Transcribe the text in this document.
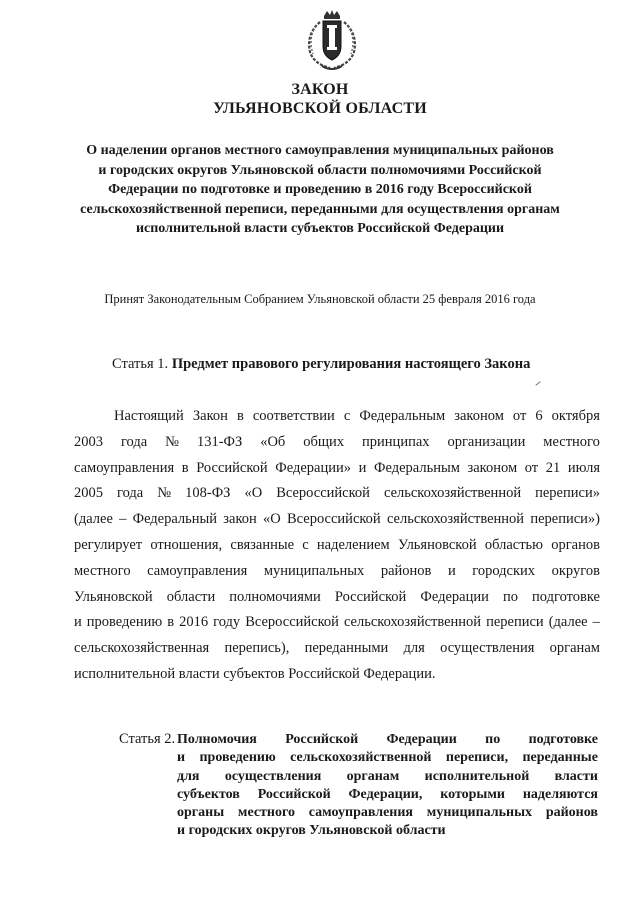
ЗАКОН
УЛЬЯНОВСКОЙ ОБЛАСТИ
О наделении органов местного самоуправления муниципальных районов
и городских округов Ульяновской области полномочиями Российской
Федерации по подготовке и проведению в 2016 году Всероссийской
сельскохозяйственной переписи, переданными для осуществления органам
исполнительной власти субъектов Российской Федерации
Принят Законодательным Собранием Ульяновской области 25 февраля 2016 года
Статья 1. Предмет правового регулирования настоящего Закона
Настоящий Закон в соответствии с Федеральным законом от 6 октября
2003 года № 131-ФЗ «Об общих принципах организации местного
самоуправления в Российской Федерации» и Федеральным законом от 21 июля
2005 года № 108-ФЗ «О Всероссийской сельскохозяйственной переписи»
(далее – Федеральный закон «О Всероссийской сельскохозяйственной переписи»)
регулирует отношения, связанные с наделением Ульяновской областью органов
местного самоуправления муниципальных районов и городских округов
Ульяновской области полномочиями Российской Федерации по подготовке
и проведению в 2016 году Всероссийской сельскохозяйственной переписи (далее –
сельскохозяйственная перепись), переданными для осуществления органам
исполнительной власти субъектов Российской Федерации.
Статья 2. Полномочия Российской Федерации по подготовке
и проведению сельскохозяйственной переписи, переданные
для осуществления органам исполнительной власти
субъектов Российской Федерации, которыми наделяются
органы местного самоуправления муниципальных районов
и городских округов Ульяновской области
